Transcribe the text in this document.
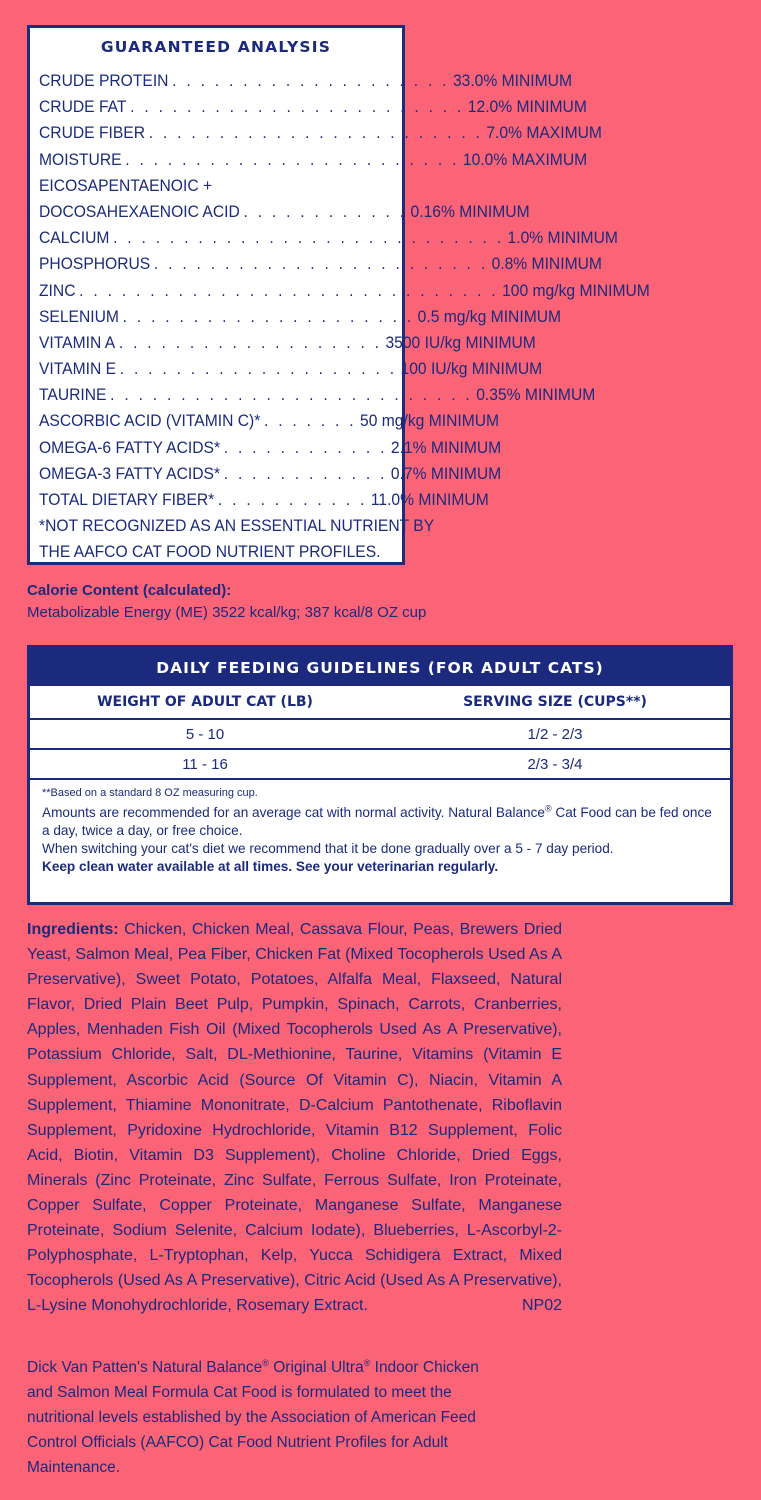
GUARANTEED ANALYSIS
CRUDE PROTEIN . . . . . . . . . . . . . . . . . . . . 33.0% MINIMUM
CRUDE FAT . . . . . . . . . . . . . . . . . . . . . . . . 12.0% MINIMUM
CRUDE FIBER . . . . . . . . . . . . . . . . . . . . . . . . 7.0% MAXIMUM
MOISTURE . . . . . . . . . . . . . . . . . . . . . . . . 10.0% MAXIMUM
EICOSAPENTAENOIC +
DOCOSAHEXAENOIC ACID . . . . . . . . . . . . 0.16% MINIMUM
CALCIUM . . . . . . . . . . . . . . . . . . . . . . . . . . . . 1.0% MINIMUM
PHOSPHORUS . . . . . . . . . . . . . . . . . . . . . . . . 0.8% MINIMUM
ZINC . . . . . . . . . . . . . . . . . . . . . . . . . . . . . . 100 mg/kg MINIMUM
SELENIUM . . . . . . . . . . . . . . . . . . . . . 0.5 mg/kg MINIMUM
VITAMIN A . . . . . . . . . . . . . . . . . . . 3500 IU/kg MINIMUM
VITAMIN E . . . . . . . . . . . . . . . . . . . . 100 IU/kg MINIMUM
TAURINE . . . . . . . . . . . . . . . . . . . . . . . . . . 0.35% MINIMUM
ASCORBIC ACID (VITAMIN C)* . . . . . . . 50 mg/kg MINIMUM
OMEGA-6 FATTY ACIDS* . . . . . . . . . . . . 2.1% MINIMUM
OMEGA-3 FATTY ACIDS* . . . . . . . . . . . . 0.7% MINIMUM
TOTAL DIETARY FIBER* . . . . . . . . . . . 11.0% MINIMUM
*NOT RECOGNIZED AS AN ESSENTIAL NUTRIENT BY
THE AAFCO CAT FOOD NUTRIENT PROFILES.
Calorie Content (calculated):
Metabolizable Energy (ME) 3522 kcal/kg; 387 kcal/8 OZ cup
DAILY FEEDING GUIDELINES (FOR ADULT CATS)
WEIGHT OF ADULT CAT (LB)	SERVING SIZE (CUPS**)
5 - 10	1/2 - 2/3
11 - 16	2/3 - 3/4
**Based on a standard 8 OZ measuring cup.
Amounts are recommended for an average cat with normal activity. Natural Balance® Cat Food can be fed once a day, twice a day, or free choice.
When switching your cat's diet we recommend that it be done gradually over a 5 - 7 day period.
Keep clean water available at all times. See your veterinarian regularly.
Ingredients: Chicken, Chicken Meal, Cassava Flour, Peas, Brewers Dried Yeast, Salmon Meal, Pea Fiber, Chicken Fat (Mixed Tocopherols Used As A Preservative), Sweet Potato, Potatoes, Alfalfa Meal, Flaxseed, Natural Flavor, Dried Plain Beet Pulp, Pumpkin, Spinach, Carrots, Cranberries, Apples, Menhaden Fish Oil (Mixed Tocopherols Used As A Preservative), Potassium Chloride, Salt, DL-Methionine, Taurine, Vitamins (Vitamin E Supplement, Ascorbic Acid (Source Of Vitamin C), Niacin, Vitamin A Supplement, Thiamine Mononitrate, D-Calcium Pantothenate, Riboflavin Supplement, Pyridoxine Hydrochloride, Vitamin B12 Supplement, Folic Acid, Biotin, Vitamin D3 Supplement), Choline Chloride, Dried Eggs, Minerals (Zinc Proteinate, Zinc Sulfate, Ferrous Sulfate, Iron Proteinate, Copper Sulfate, Copper Proteinate, Manganese Sulfate, Manganese Proteinate, Sodium Selenite, Calcium Iodate), Blueberries, L-Ascorbyl-2-Polyphosphate, L-Tryptophan, Kelp, Yucca Schidigera Extract, Mixed Tocopherols (Used As A Preservative), Citric Acid (Used As A Preservative), L-Lysine Monohydrochloride, Rosemary Extract.	NP02
Dick Van Patten's Natural Balance® Original Ultra® Indoor Chicken and Salmon Meal Formula Cat Food is formulated to meet the nutritional levels established by the Association of American Feed Control Officials (AAFCO) Cat Food Nutrient Profiles for Adult Maintenance.
